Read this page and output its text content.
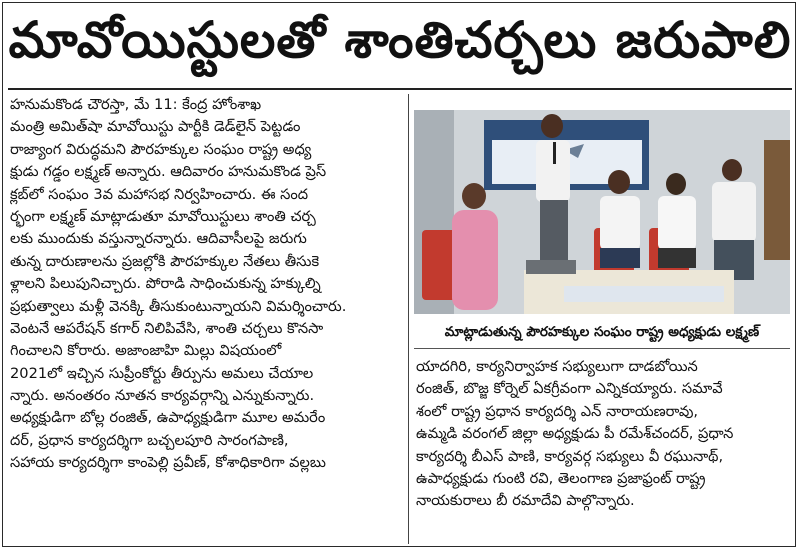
మావోయిస్టులతో శాంతిచర్చలు జరుపాలి
హనుమకొండ చౌరస్తా, మే 11: కేంద్ర హోంశాఖ
మంత్రి అమిత్‌షా మావోయిస్టు పార్టీకి డెడ్‌లైన్ పెట్టడం
రాజ్యాంగ విరుద్ధమని పౌరహక్కుల సంఘం రాష్ట్ర అధ్య
క్షుడు గడ్డం లక్ష్మణ్ అన్నారు. ఆదివారం హనుమకొండ ప్రెస్
క్లబ్‌లో సంఘం 3వ మహాసభ నిర్వహించారు. ఈ సంద
ర్భంగా లక్ష్మణ్ మాట్లాడుతూ మావోయిస్టులు శాంతి చర్చ
లకు ముందుకు వస్తున్నారన్నారు. ఆదివాసీలపై జరుగు
తున్న దారుణాలను ప్రజల్లోకి పౌరహక్కుల నేతలు తీసుకె
ళ్లాలని పిలుపునిచ్చారు. పోరాడి సాధించుకున్న హక్కుల్ని
ప్రభుత్వాలు మళ్లీ వెనక్కి తీసుకుంటున్నాయని విమర్శించారు.
వెంటనే ఆపరేషన్ కగార్ నిలిపివేసి, శాంతి చర్చలు కొనసా
గించాలని కోరారు. అజాంజాహి మిల్లు విషయంలో
2021లో ఇచ్చిన సుప్రీంకోర్టు తీర్పును అమలు చేయాల
న్నారు. అనంతరం నూతన కార్యవర్గాన్ని ఎన్నుకున్నారు.
అధ్యక్షుడిగా బోల్ల రంజిత్, ఉపాధ్యక్షుడిగా మూల అమరేం
దర్, ప్రధాన కార్యదర్శిగా బచ్చలపూరి సారంగపాణి,
సహాయ కార్యదర్శిగా కాంపెల్లి ప్రవీణ్, కోశాధికారిగా వల్లబు
మాట్లాడుతున్న పౌరహక్కుల సంఘం రాష్ట్ర అధ్యక్షుడు లక్ష్మణ్
యాదగిరి, కార్యనిర్వాహక సభ్యులుగా దాడబోయిన
రంజిత్, బొజ్జ కోర్నెల్ ఏకగ్రీవంగా ఎన్నికయ్యారు. సమావే
శంలో రాష్ట్ర ప్రధాన కార్యదర్శి ఎన్ నారాయణరావు,
ఉమ్మడి వరంగల్ జిల్లా అధ్యక్షుడు పీ రమేశ్‌చందర్, ప్రధాన
కార్యదర్శి బీఎస్ పాణి, కార్యవర్గ సభ్యులు వీ రఘునాథ్,
ఉపాధ్యక్షుడు గుంటి రవి, తెలంగాణ ప్రజాఫ్రంట్ రాష్ట్ర
నాయకురాలు బీ రమాదేవి పాల్గొన్నారు.
